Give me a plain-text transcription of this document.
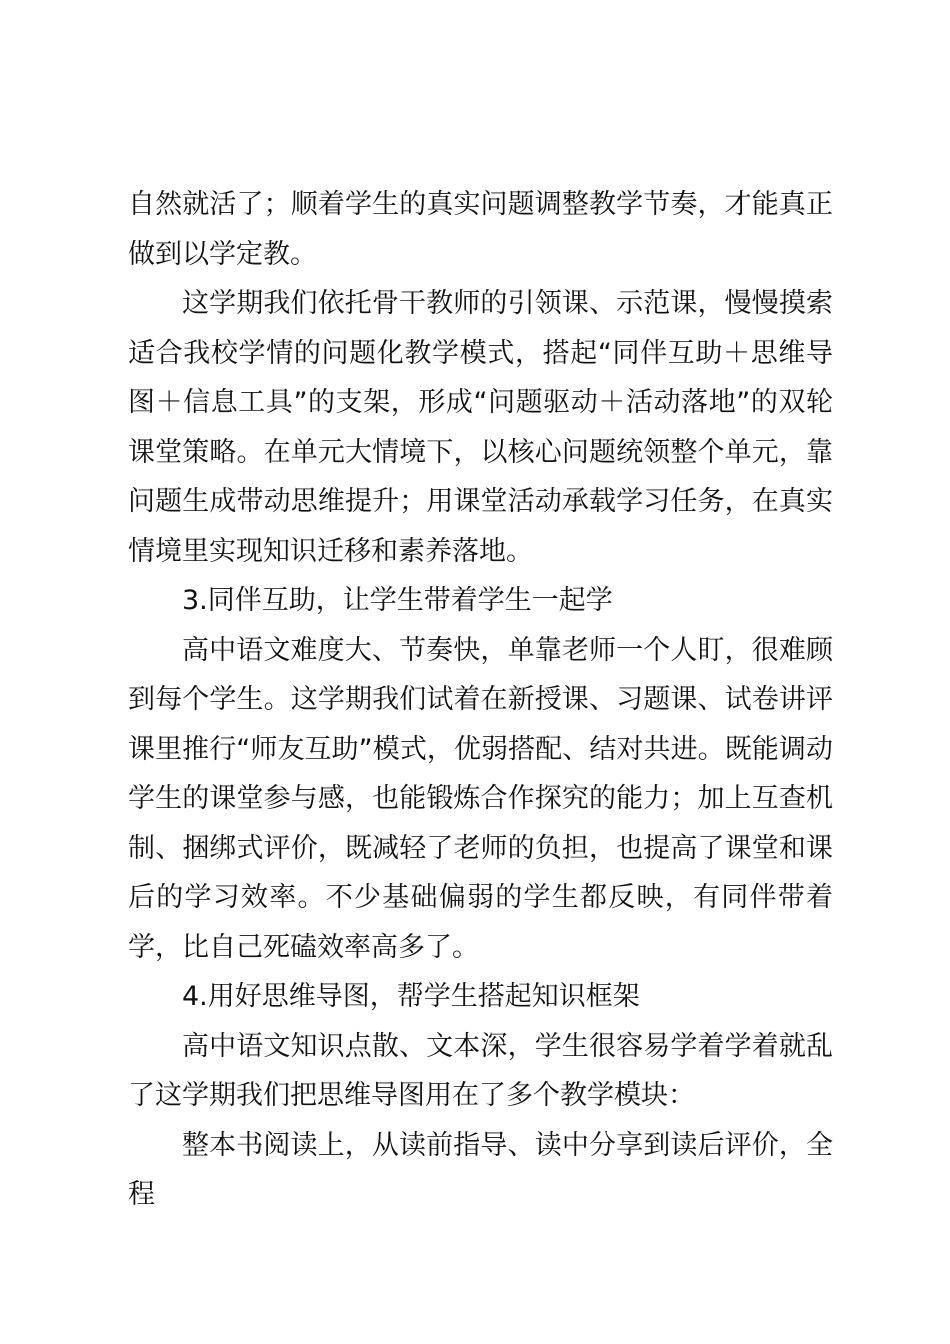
自然就活了；顺着学生的真实问题调整教学节奏，才能真正做到以学定教。

这学期我们依托骨干教师的引领课、示范课，慢慢摸索适合我校学情的问题化教学模式，搭起“同伴互助＋思维导图＋信息工具”的支架，形成“问题驱动＋活动落地”的双轮课堂策略。在单元大情境下，以核心问题统领整个单元，靠问题生成带动思维提升；用课堂活动承载学习任务，在真实情境里实现知识迁移和素养落地。

3.同伴互助，让学生带着学生一起学

高中语文难度大、节奏快，单靠老师一个人盯，很难顾到每个学生。这学期我们试着在新授课、习题课、试卷讲评课里推行“师友互助”模式，优弱搭配、结对共进。既能调动学生的课堂参与感，也能锻炼合作探究的能力；加上互查机制、捆绑式评价，既减轻了老师的负担，也提高了课堂和课后的学习效率。不少基础偏弱的学生都反映，有同伴带着学，比自己死磕效率高多了。

4.用好思维导图，帮学生搭起知识框架

高中语文知识点散、文本深，学生很容易学着学着就乱了这学期我们把思维导图用在了多个教学模块：

整本书阅读上，从读前指导、读中分享到读后评价，全程
